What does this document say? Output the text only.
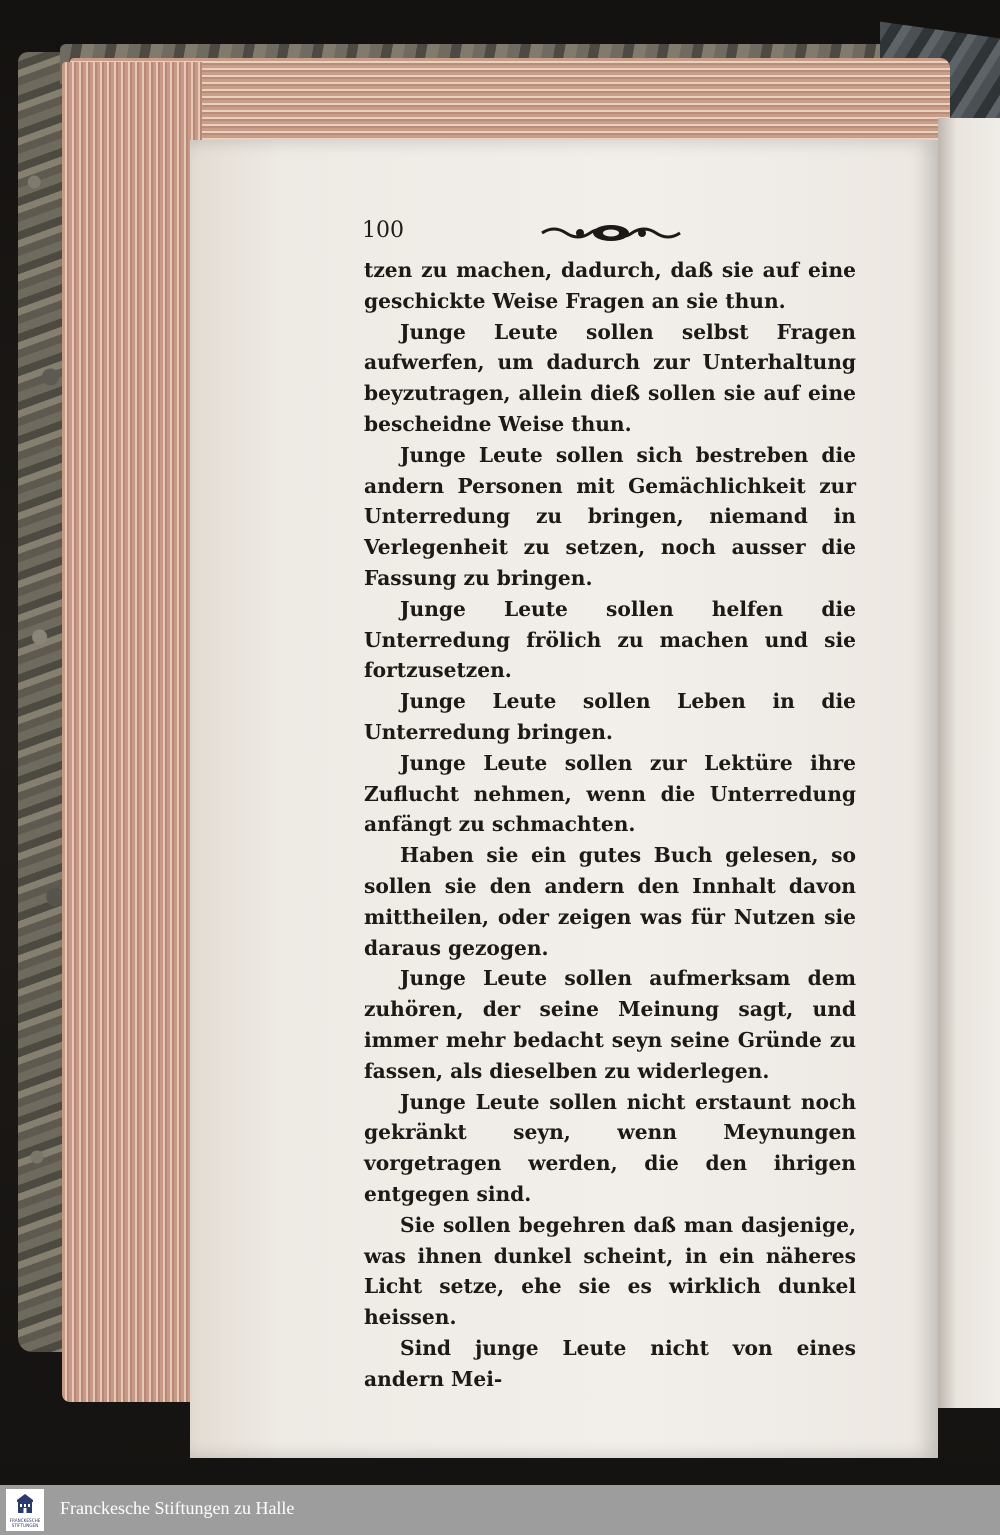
100

tzen zu machen, dadurch, daß sie auf eine geschickte Weise Fragen an sie thun.

Junge Leute sollen selbst Fragen aufwerfen, um dadurch zur Unterhaltung beyzutragen, allein dieß sollen sie auf eine bescheidne Weise thun.

Junge Leute sollen sich bestreben die andern Personen mit Gemächlichkeit zur Unterredung zu bringen, niemand in Verlegenheit zu setzen, noch ausser die Fassung zu bringen.

Junge Leute sollen helfen die Unterredung frölich zu machen und sie fortzusetzen.

Junge Leute sollen Leben in die Unterredung bringen.

Junge Leute sollen zur Lektüre ihre Zuflucht nehmen, wenn die Unterredung anfängt zu schmachten.

Haben sie ein gutes Buch gelesen, so sollen sie den andern den Innhalt davon mittheilen, oder zeigen was für Nutzen sie daraus gezogen.

Junge Leute sollen aufmerksam dem zuhören, der seine Meinung sagt, und immer mehr bedacht seyn seine Gründe zu fassen, als dieselben zu widerlegen.

Junge Leute sollen nicht erstaunt noch gekränkt seyn, wenn Meynungen vorgetragen werden, die den ihrigen entgegen sind.

Sie sollen begehren daß man dasjenige, was ihnen dunkel scheint, in ein näheres Licht setze, ehe sie es wirklich dunkel heissen.

Sind junge Leute nicht von eines andern Mei-

FRANCKESCHE
STIFTUNGEN
Franckesche Stiftungen zu Halle
